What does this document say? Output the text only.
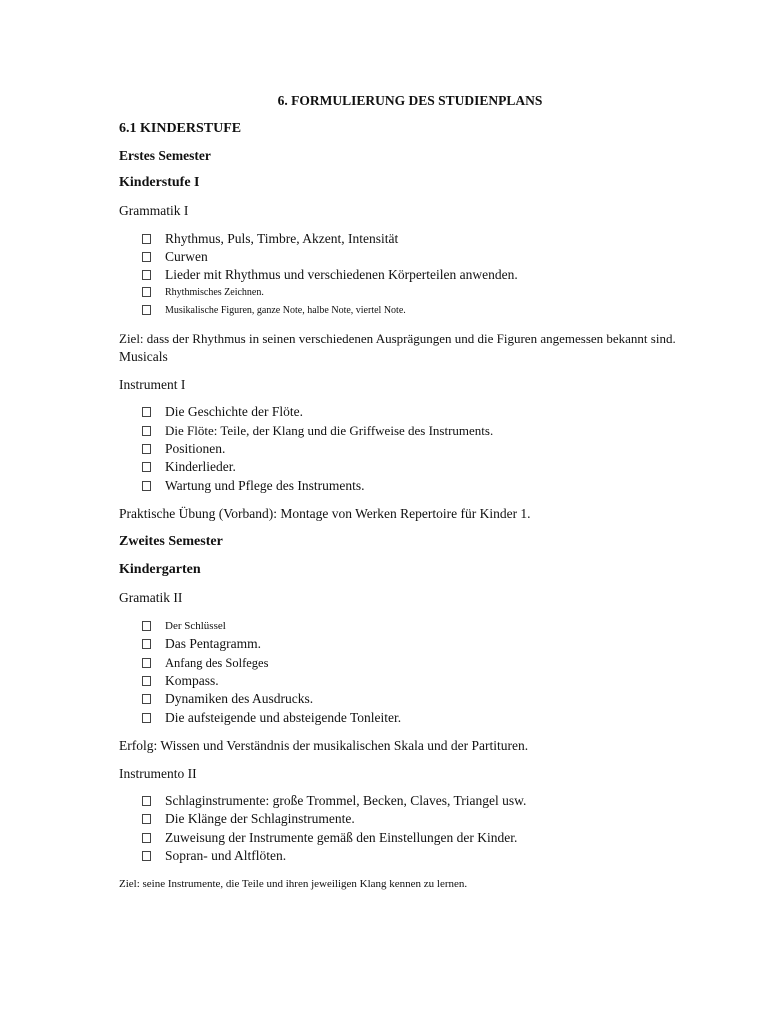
6. FORMULIERUNG DES STUDIENPLANS
6.1 KINDERSTUFE
Erstes Semester
Kinderstufe I
Grammatik I
Rhythmus, Puls, Timbre, Akzent, Intensität
Curwen
Lieder mit Rhythmus und verschiedenen Körperteilen anwenden.
Rhythmisches Zeichnen.
Musikalische Figuren, ganze Note, halbe Note, viertel Note.
Ziel: dass der Rhythmus in seinen verschiedenen Ausprägungen und die Figuren angemessen bekannt sind.
Musicals
Instrument I
Die Geschichte der Flöte.
Die Flöte: Teile, der Klang und die Griffweise des Instruments.
Positionen.
Kinderlieder.
Wartung und Pflege des Instruments.
Praktische Übung (Vorband): Montage von Werken Repertoire für Kinder 1.
Zweites Semester
Kindergarten
Gramatik II
Der Schlüssel
Das Pentagramm.
Anfang des Solfeges
Kompass.
Dynamiken des Ausdrucks.
Die aufsteigende und absteigende Tonleiter.
Erfolg: Wissen und Verständnis der musikalischen Skala und der Partituren.
Instrumento II
Schlaginstrumente: große Trommel, Becken, Claves, Triangel usw.
Die Klänge der Schlaginstrumente.
Zuweisung der Instrumente gemäß den Einstellungen der Kinder.
Sopran- und Altflöten.
Ziel: seine Instrumente, die Teile und ihren jeweiligen Klang kennen zu lernen.
